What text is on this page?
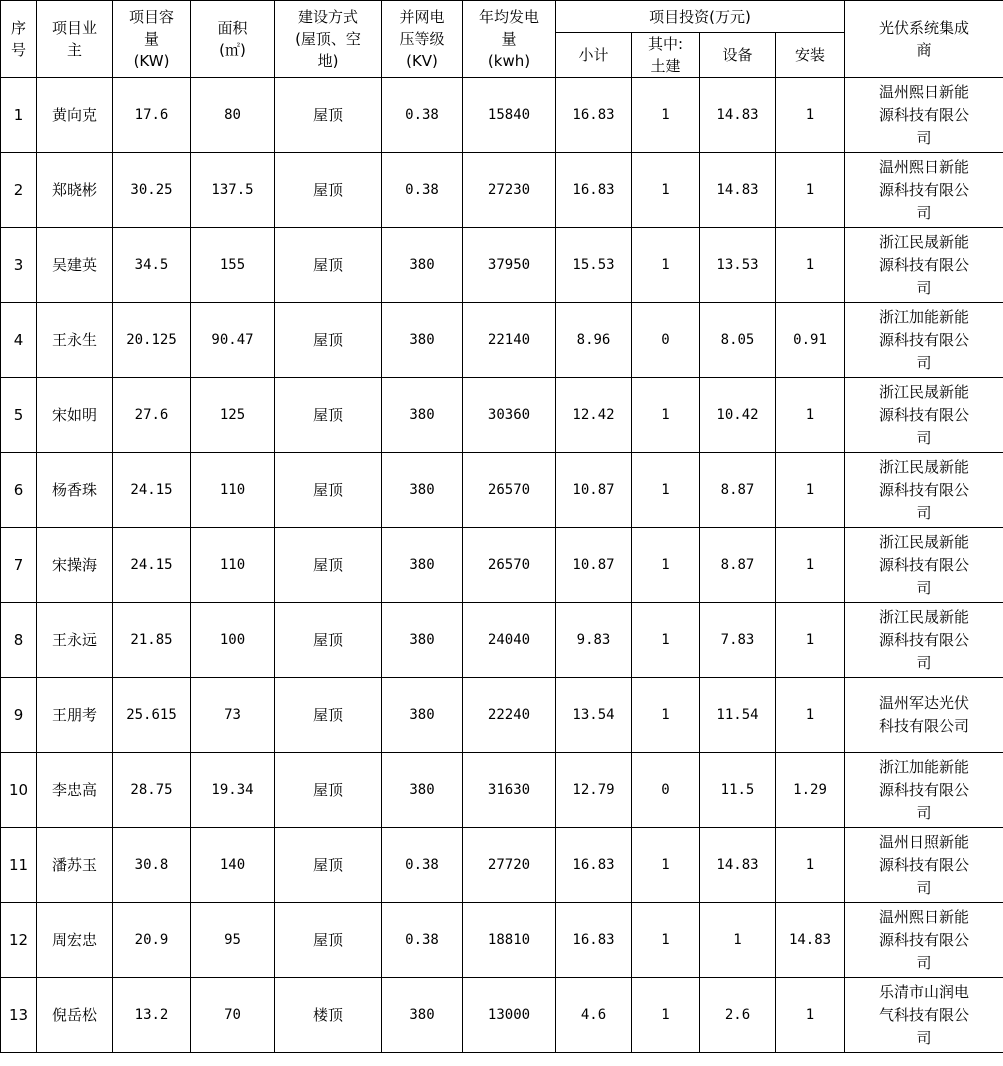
序
号	项目业
主	项目容
量
(KW)	面积
(㎡)	建设方式
(屋顶、空
地)	并网电
压等级
(KV)	年均发电
量
(kwh)	项目投资(万元)				光伏系统集成
商
							小计	其中:
土建	设备	安装	
1	黄向克	17.6	80	屋顶	0.38	15840	16.83	1	14.83	1	温州熙日新能
源科技有限公
司
2	郑晓彬	30.25	137.5	屋顶	0.38	27230	16.83	1	14.83	1	温州熙日新能
源科技有限公
司
3	吴建英	34.5	155	屋顶	380	37950	15.53	1	13.53	1	浙江民晟新能
源科技有限公
司
4	王永生	20.125	90.47	屋顶	380	22140	8.96	0	8.05	0.91	浙江加能新能
源科技有限公
司
5	宋如明	27.6	125	屋顶	380	30360	12.42	1	10.42	1	浙江民晟新能
源科技有限公
司
6	杨香珠	24.15	110	屋顶	380	26570	10.87	1	8.87	1	浙江民晟新能
源科技有限公
司
7	宋操海	24.15	110	屋顶	380	26570	10.87	1	8.87	1	浙江民晟新能
源科技有限公
司
8	王永远	21.85	100	屋顶	380	24040	9.83	1	7.83	1	浙江民晟新能
源科技有限公
司
9	王朋考	25.615	73	屋顶	380	22240	13.54	1	11.54	1	温州军达光伏
科技有限公司
10	李忠高	28.75	19.34	屋顶	380	31630	12.79	0	11.5	1.29	浙江加能新能
源科技有限公
司
11	潘苏玉	30.8	140	屋顶	0.38	27720	16.83	1	14.83	1	温州日照新能
源科技有限公
司
12	周宏忠	20.9	95	屋顶	0.38	18810	16.83	1	1	14.83	温州熙日新能
源科技有限公
司
13	倪岳松	13.2	70	楼顶	380	13000	4.6	1	2.6	1	乐清市山润电
气科技有限公
司
